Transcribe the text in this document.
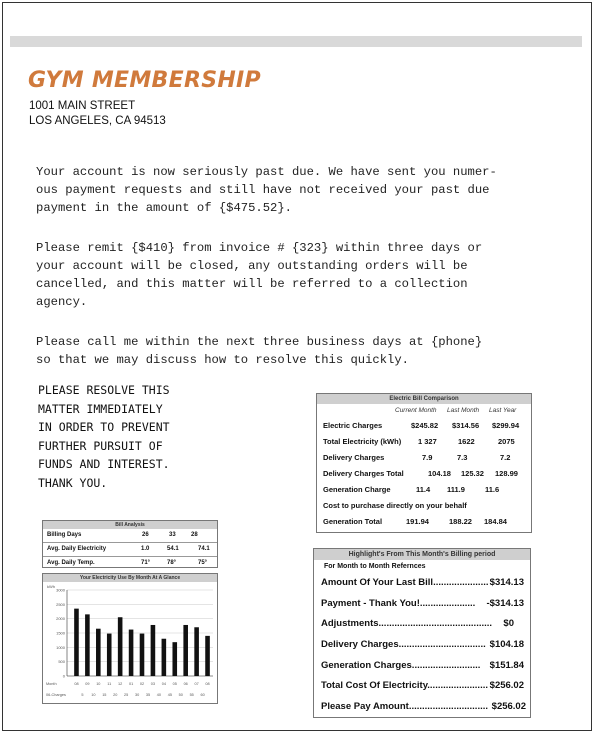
GYM MEMBERSHIP
1001 MAIN STREET
LOS ANGELES, CA 94513
Your account is now seriously past due. We have sent you numer-
ous payment requests and still have not received your past due
payment in the amount of {$475.52}.
Please remit {$410} from invoice # {323} within three days or
your account will be closed, any outstanding orders will be
cancelled, and this matter will be referred to a collection
agency.
Please call me within the next three business days at {phone}
so that we may discuss how to resolve this quickly.
PLEASE RESOLVE THIS
MATTER IMMEDIATELY
IN ORDER TO PREVENT
FURTHER PURSUIT OF
FUNDS AND INTEREST.
THANK YOU.
Electric Bill Comparison
Current Month Last Month Last Year
Electric Charges	$245.82 $314.56 $299.94
Total Electricity (kWh) 1 327	1622	2075
Delivery Charges	7.9	7.3	7.2
Delivery Charges Total	104.18 125.32 128.99
Generation Charge	11.4 111.9	11.6
Cost to purchase directly on your behalf
Generation Total	191.94	188.22 184.84
Highlight's From This Month's Billing period
For Month to Month Refernces
Amount Of Your Last Bill..................... $314.13
Payment - Thank You!..................... -$314.13
Adjustments........................................... $0
Delivery Charges................................. $104.18
Generation Charges.......................... $151.84
Total Cost Of Electricity....................... $256.02
Please Pay Amount.............................. $256.02
Bill Analysis
Billing Days	26	33	28
Avg. Daily Electricity	1.0	54.1	74.1
Avg. Daily Temp.	71°	78°	75°
Your Electricity Use By Month At A Glance
kWh
3000
2500
2000
1500
1000
500
0
08 09 10 11 12 01 02 03 04 05 06 07 08
Month
06-Charges	5 10 15 20 25 30 35 40 45 50 55 60
